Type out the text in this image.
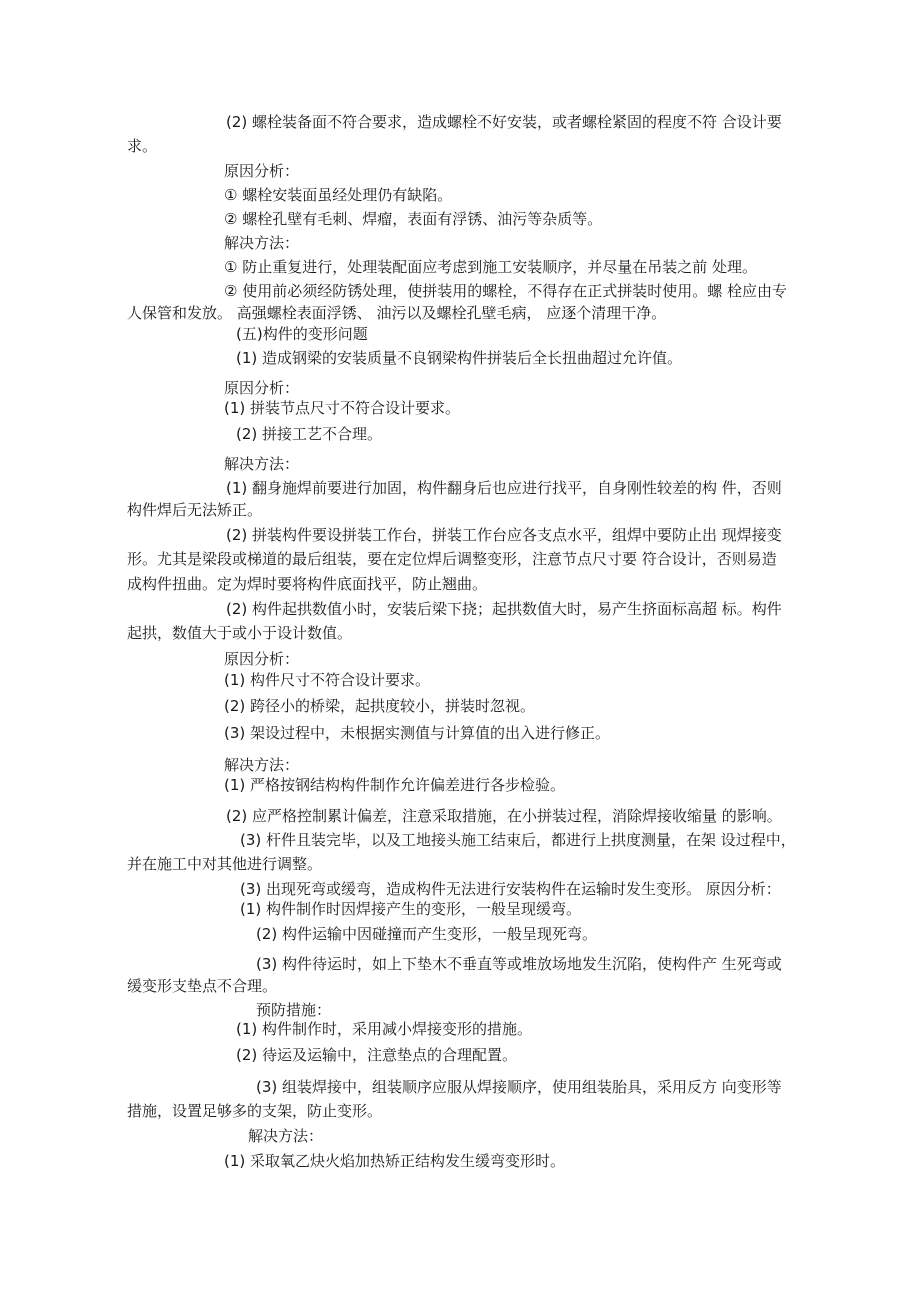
(2) 螺栓装备面不符合要求，造成螺栓不好安装，或者螺栓紧固的程度不符 合设计要
求。
原因分析：
① 螺栓安装面虽经处理仍有缺陷。
② 螺栓孔壁有毛刺、焊瘤，表面有浮锈、油污等杂质等。
解决方法：
① 防止重复进行，处理装配面应考虑到施工安装顺序，并尽量在吊装之前 处理。
② 使用前必须经防锈处理，使拼装用的螺栓，不得存在正式拼装时使用。螺 栓应由专
人保管和发放。 高强螺栓表面浮锈、 油污以及螺栓孔壁毛病， 应逐个清理干净。
(五)构件的变形问题
(1) 造成钢梁的安装质量不良钢梁构件拼装后全长扭曲超过允许值。
原因分析：
(1) 拼装节点尺寸不符合设计要求。
(2) 拼接工艺不合理。
解决方法：
(1) 翻身施焊前要进行加固，构件翻身后也应进行找平，自身刚性较差的构 件，否则
构件焊后无法矫正。
(2) 拼装构件要设拼装工作台，拼装工作台应各支点水平，组焊中要防止出 现焊接变
形。尤其是梁段或梯道的最后组装，要在定位焊后调整变形，注意节点尺寸要 符合设计，否则易造
成构件扭曲。定为焊时要将构件底面找平，防止翘曲。
(2) 构件起拱数值小时，安装后梁下挠；起拱数值大时，易产生挤面标高超 标。构件
起拱，数值大于或小于设计数值。
原因分析：
(1) 构件尺寸不符合设计要求。
(2) 跨径小的桥梁，起拱度较小，拼装时忽视。
(3) 架设过程中，未根据实测值与计算值的出入进行修正。
解决方法：
(1) 严格按钢结构构件制作允许偏差进行各步检验。
(2) 应严格控制累计偏差，注意采取措施，在小拼装过程，消除焊接收缩量 的影响。
(3) 杆件且装完毕，以及工地接头施工结束后，都进行上拱度测量，在架 设过程中，
并在施工中对其他进行调整。
(3) 出现死弯或缓弯，造成构件无法进行安装构件在运输时发生变形。 原因分析：
(1) 构件制作时因焊接产生的变形，一般呈现缓弯。
(2) 构件运输中因碰撞而产生变形，一般呈现死弯。
(3) 构件待运时，如上下垫木不垂直等或堆放场地发生沉陷，使构件产 生死弯或
缓变形支垫点不合理。
预防措施：
(1) 构件制作时，采用减小焊接变形的措施。
(2) 待运及运输中，注意垫点的合理配置。
(3) 组装焊接中，组装顺序应服从焊接顺序，使用组装胎具，采用反方 向变形等
措施，设置足够多的支架，防止变形。
解决方法：
(1) 采取氧乙炔火焰加热矫正结构发生缓弯变形时。
